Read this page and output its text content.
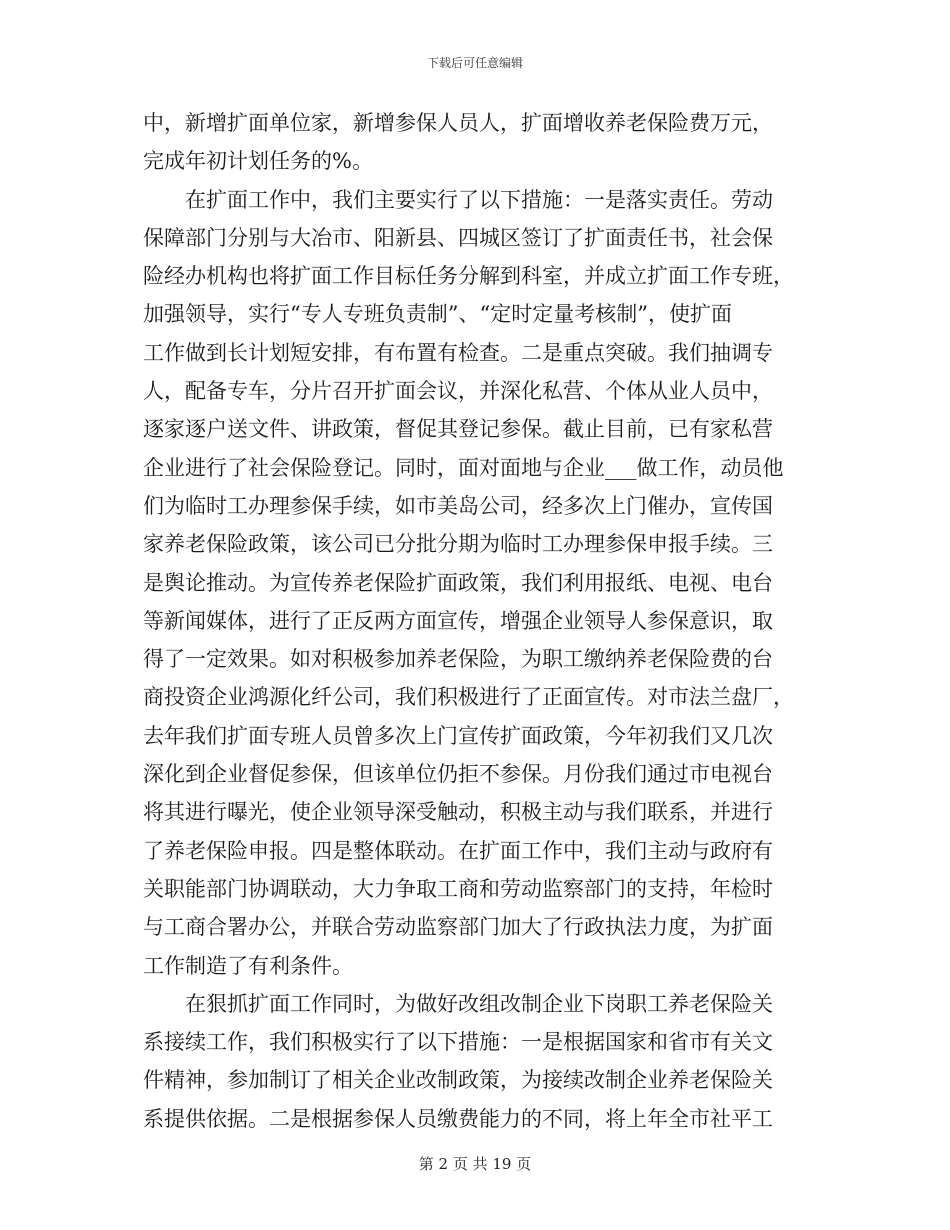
下载后可任意编辑
中，新增扩面单位家，新增参保人员人，扩面增收养老保险费万元，
完成年初计划任务的%。
在扩面工作中，我们主要实行了以下措施：一是落实责任。劳动
保障部门分别与大冶市、阳新县、四城区签订了扩面责任书，社会保
险经办机构也将扩面工作目标任务分解到科室，并成立扩面工作专班，
加强领导，实行“专人专班负责制”、“定时定量考核制”，使扩面
工作做到长计划短安排，有布置有检查。二是重点突破。我们抽调专
人，配备专车，分片召开扩面会议，并深化私营、个体从业人员中，
逐家逐户送文件、讲政策，督促其登记参保。截止目前，已有家私营
企业进行了社会保险登记。同时，面对面地与企业___做工作，动员他
们为临时工办理参保手续，如市美岛公司，经多次上门催办，宣传国
家养老保险政策，该公司已分批分期为临时工办理参保申报手续。三
是舆论推动。为宣传养老保险扩面政策，我们利用报纸、电视、电台
等新闻媒体，进行了正反两方面宣传，增强企业领导人参保意识，取
得了一定效果。如对积极参加养老保险，为职工缴纳养老保险费的台
商投资企业鸿源化纤公司，我们积极进行了正面宣传。对市法兰盘厂，
去年我们扩面专班人员曾多次上门宣传扩面政策，今年初我们又几次
深化到企业督促参保，但该单位仍拒不参保。月份我们通过市电视台
将其进行曝光，使企业领导深受触动，积极主动与我们联系，并进行
了养老保险申报。四是整体联动。在扩面工作中，我们主动与政府有
关职能部门协调联动，大力争取工商和劳动监察部门的支持，年检时
与工商合署办公，并联合劳动监察部门加大了行政执法力度，为扩面
工作制造了有利条件。
在狠抓扩面工作同时，为做好改组改制企业下岗职工养老保险关
系接续工作，我们积极实行了以下措施：一是根据国家和省市有关文
件精神，参加制订了相关企业改制政策，为接续改制企业养老保险关
系提供依据。二是根据参保人员缴费能力的不同，将上年全市社平工
第 2 页 共 19 页
